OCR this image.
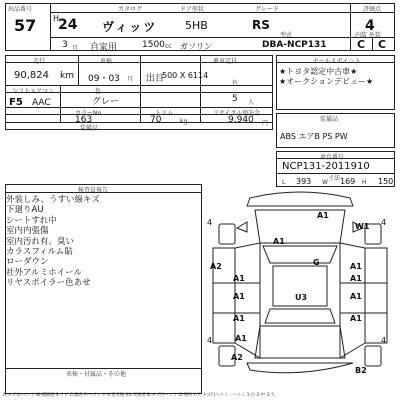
出品番号
57
カタログ	ドア形状	グレード	評価点
H
24 ヴィッツ	5HB	RS	4
3 月 自家用	1500 cc ガソリン
型式
DBA-NCP131
内装 外装
C C
走行	車検	乗車定員
90,824 km 09・03 月 出目
500 X 6114
色
シフト	色
グレー	5 人
F5 AAC
エアコン
カラーNo	トリム	リサイクル預託金
163	70	kg	9,940 円
装備品
セールスポイント
★トヨタ認定中古車★
★オークションデビュー★
装備品
ABS エアB PS PW
車台番号
NCP131-2011910
寸法
L 393 W 169 H 150
検査員報告
外装しみ、うすい線キズ
下廻りAU
シートすれ中
室内内張傷
室内汚れ有、臭い
カラスフィルム貼
ローダウン
社外アルミホイール
リヤスポイラー色あせ
車検・付属品・その他
A1
A1
W1
A2
A1
G	A1
A1
A1	U3	A1
A1	A1
A1
A2
B2
4	4
4	4
A:キズ U:ヘコミ W:補修波 S:サビ C:腐食 P:ペイント X:要交換 XX:交換済 B:キズ付ヘコミ G:飛石 Y:穴 キズ付ヘコミ・へコミ 1:小 2:中 3:大
